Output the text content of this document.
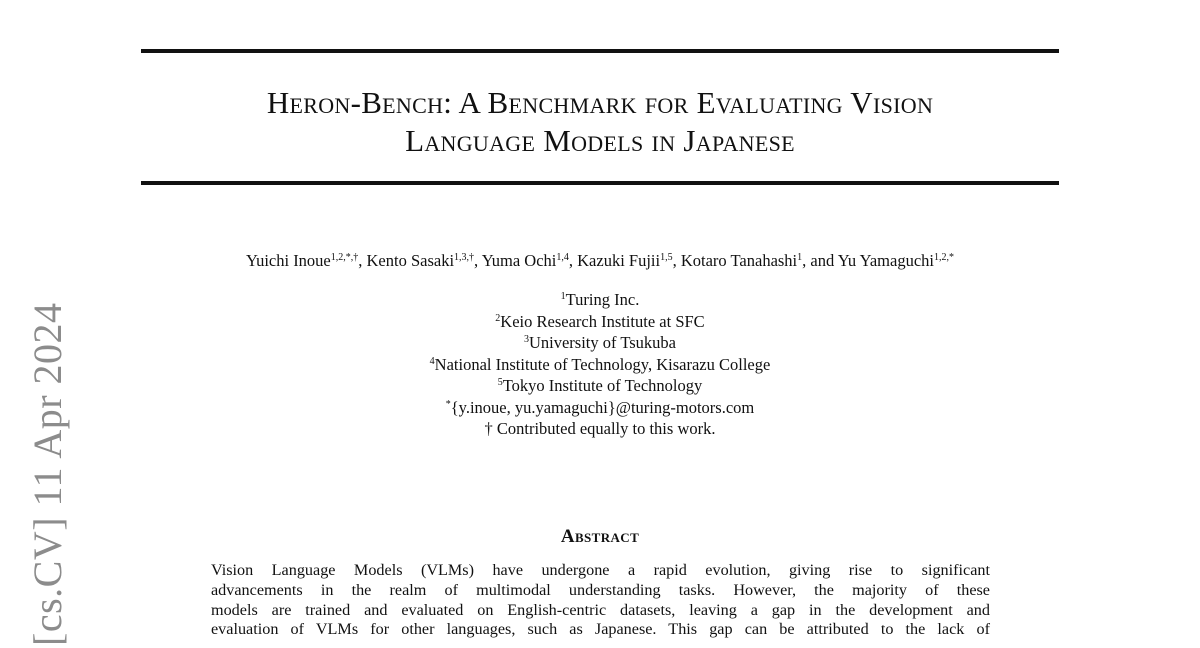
Heron-Bench: A Benchmark for Evaluating Vision
Language Models in Japanese
Yuichi Inoue$^{1,2,*,\dagger}$, Kento Sasaki$^{1,3,\dagger}$, Yuma Ochi$^{1,4}$, Kazuki Fujii$^{1,5}$, Kotaro Tanahashi$^1$, and Yu Yamaguchi$^{1,2,*}$
$^1$Turing Inc.
$^2$Keio Research Institute at SFC
$^3$University of Tsukuba
$^4$National Institute of Technology, Kisarazu College
$^5$Tokyo Institute of Technology
*{y.inoue, yu.yamaguchi}@turing-motors.com
† Contributed equally to this work.
Abstract
Vision Language Models (VLMs) have undergone a rapid evolution, giving rise to significant
advancements in the realm of multimodal understanding tasks. However, the majority of these
models are trained and evaluated on English-centric datasets, leaving a gap in the development and
evaluation of VLMs for other languages, such as Japanese. This gap can be attributed to the lack of
[cs.CV] 11 Apr 2024
